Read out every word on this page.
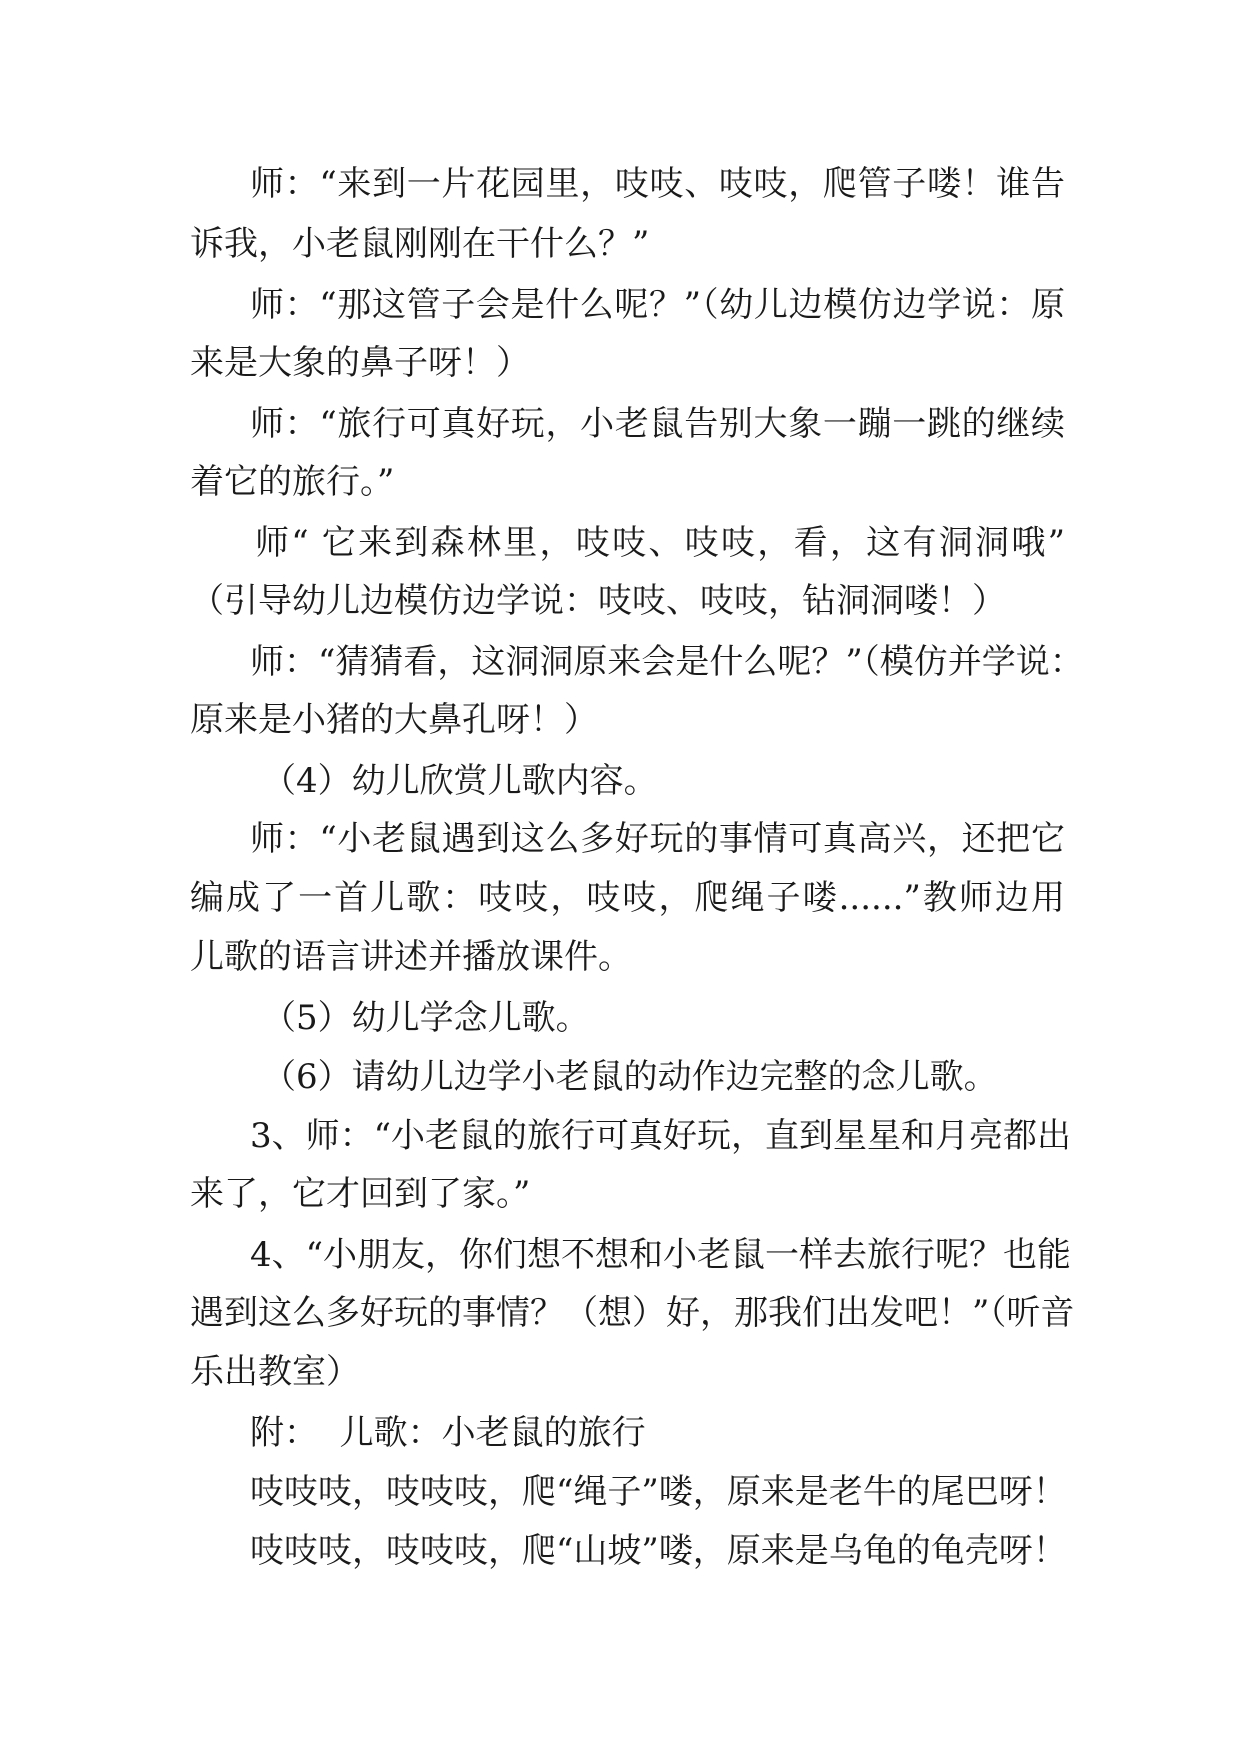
师：“来到一片花园里，吱吱、吱吱，爬管子喽！谁告
诉我，小老鼠刚刚在干什么？”
师：“那这管子会是什么呢？”（幼儿边模仿边学说：原
来是大象的鼻子呀！）
师：“旅行可真好玩，小老鼠告别大象一蹦一跳的继续
着它的旅行。”
师“ 它来到森林里，吱吱、吱吱，看，这有洞洞哦”
（引导幼儿边模仿边学说：吱吱、吱吱，钻洞洞喽！）
师：“猜猜看，这洞洞原来会是什么呢？”（模仿并学说：
原来是小猪的大鼻孔呀！）
（4）幼儿欣赏儿歌内容。
师：“小老鼠遇到这么多好玩的事情可真高兴，还把它
编成了一首儿歌：吱吱，吱吱，爬绳子喽......”教师边用
儿歌的语言讲述并播放课件。
（5）幼儿学念儿歌。
（6）请幼儿边学小老鼠的动作边完整的念儿歌。
3、师：“小老鼠的旅行可真好玩，直到星星和月亮都出
来了，它才回到了家。”
4、“小朋友，你们想不想和小老鼠一样去旅行呢？也能
遇到这么多好玩的事情？（想）好，那我们出发吧！”（听音
乐出教室）
附：  儿歌：小老鼠的旅行
吱吱吱，吱吱吱，爬“绳子”喽，原来是老牛的尾巴呀！
吱吱吱，吱吱吱，爬“山坡”喽，原来是乌龟的龟壳呀！
